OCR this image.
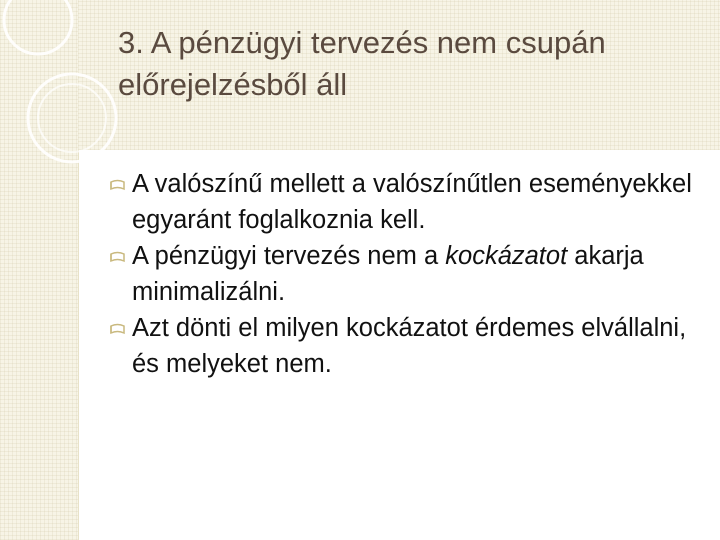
3. A pénzügyi tervezés nem csupán előrejelzésből áll
A valószínű mellett a valószínűtlen eseményekkel egyaránt foglalkoznia kell.
A pénzügyi tervezés nem a kockázatot akarja minimalizálni.
Azt dönti el milyen kockázatot érdemes elvállalni, és melyeket nem.
